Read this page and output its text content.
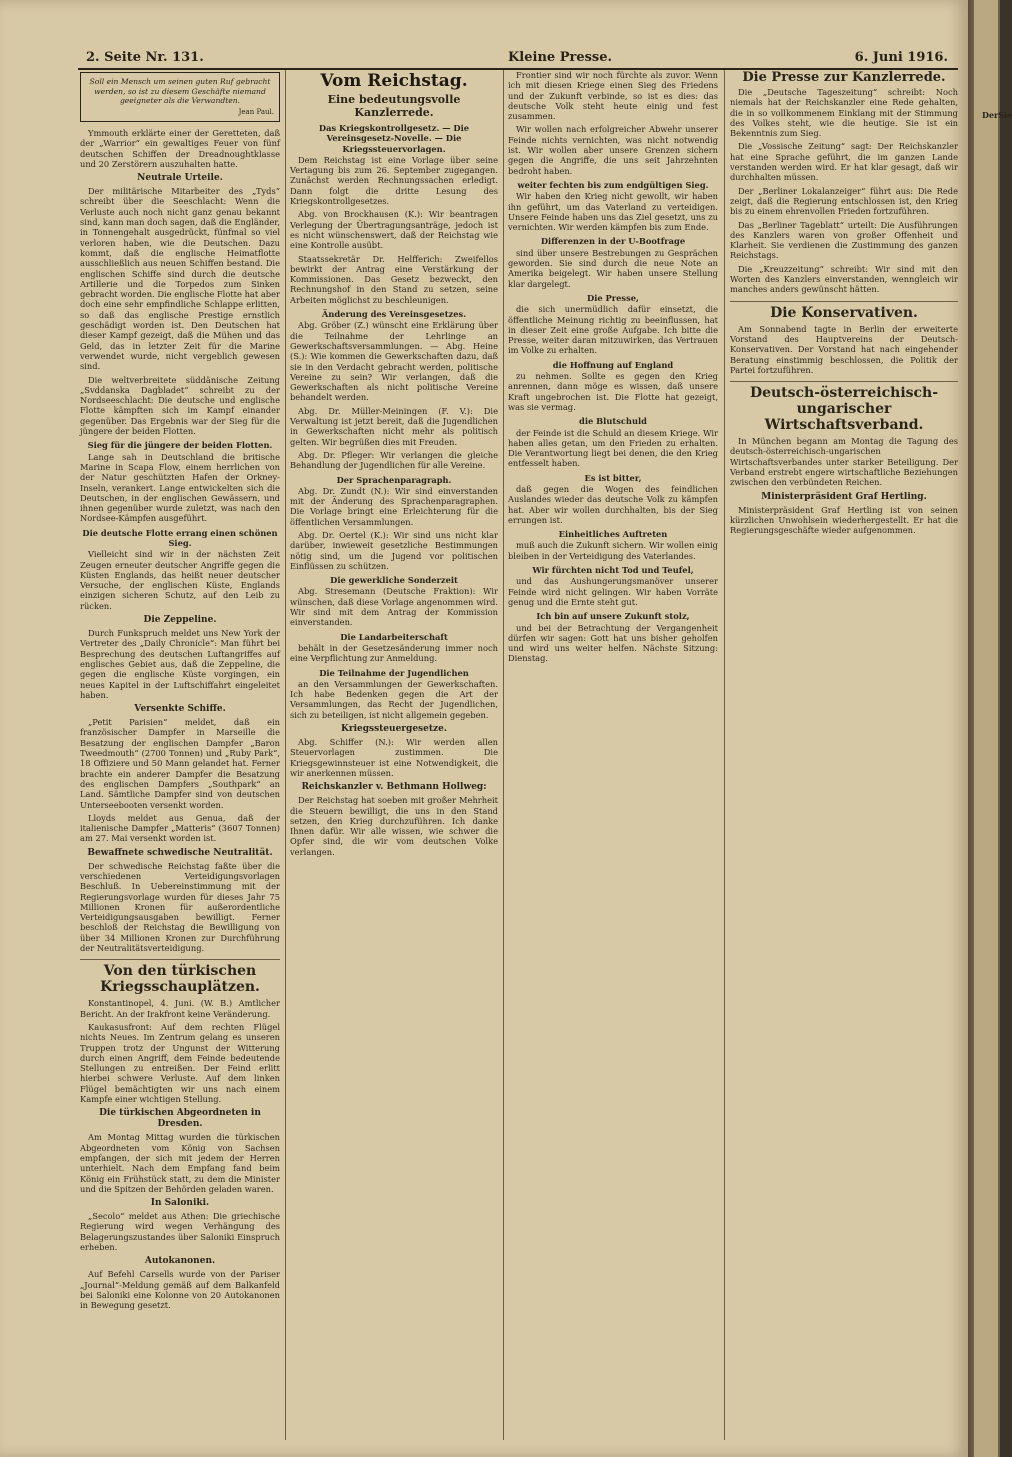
2. Seite Nr. 131.	Kleine Presse.	6. Juni 1916.
Soll ein Mensch um seinen guten Ruf gebracht werden, so ist zu diesem Geschäfte niemand geeigneter als die Verwandten.
Jean Paul.

Ymmouth erklärte einer der Geretteten, daß der „Warrior“ ein gewaltiges Feuer von fünf deutschen Schiffen der Dreadnoughtklasse und 20 Zerstörern auszuhalten hatte.

Neutrale Urteile.

Der militärische Mitarbeiter des „Tyds“ schreibt über die Seeschlacht: Wenn die Verluste auch noch nicht ganz genau bekannt sind, kann man doch sagen, daß die Engländer, in Tonnengehalt ausgedrückt, fünfmal so viel verloren haben, wie die Deutschen. Dazu kommt, daß die englische Heimatflotte ausschließlich aus neuen Schiffen bestand. Die englischen Schiffe sind durch die deutsche Artillerie und die Torpedos zum Sinken gebracht worden. Die englische Flotte hat aber doch eine sehr empfindliche Schlappe erlitten, so daß das englische Prestige ernstlich geschädigt worden ist. Den Deutschen hat dieser Kampf gezeigt, daß die Mühen und das Geld, das in letzter Zeit für die Marine verwendet wurde, nicht vergeblich gewesen sind.

Die weltverbreitete süddänische Zeitung „Svddanska Dagbladet“ schreibt zu der Nordseeschlacht: Die deutsche und englische Flotte kämpften sich im Kampf einander gegenüber. Das Ergebnis war der Sieg für die jüngere der beiden Flotten.

Sieg für die jüngere der beiden Flotten.

Lange sah in Deutschland die britische Marine in Scapa Flow, einem herrlichen von der Natur geschützten Hafen der Orkney-Inseln, verankert. Lange entwickelten sich die Deutschen, in der englischen Gewässern, und ihnen gegenüber wurde zuletzt, was nach den Nordsee-Kämpfen ausgeführt.

Die deutsche Flotte errang einen schönen Sieg.

Vielleicht sind wir in der nächsten Zeit Zeugen erneuter deutscher Angriffe gegen die Küsten Englands, das heißt neuer deutscher Versuche, der englischen Küste, Englands einzigen sicheren Schutz, auf den Leib zu rücken.

Die Zeppeline.

Durch Funkspruch meldet uns New York der Vertreter des „Daily Chronicle“: Man führt bei Besprechung des deutschen Luftangriffes auf englisches Gebiet aus, daß die Zeppeline, die gegen die englische Küste vorgingen, ein neues Kapitel in der Luftschiffahrt eingeleitet haben.

Versenkte Schiffe.

„Petit Parisien“ meldet, daß ein französischer Dampfer in Marseille die Besatzung der englischen Dampfer „Baron Tweedmouth“ (2700 Tonnen) und „Ruby Park“, 18 Offiziere und 50 Mann gelandet hat. Ferner brachte ein anderer Dampfer die Besatzung des englischen Dampfers „Southpark“ an Land. Sämtliche Dampfer sind von deutschen Unterseebooten versenkt worden.

Lloyds meldet aus Genua, daß der italienische Dampfer „Matteris“ (3607 Tonnen) am 27. Mai versenkt worden ist.

Bewaffnete schwedische Neutralität.

Der schwedische Reichstag faßte über die verschiedenen Verteidigungsvorlagen Beschluß. In Uebereinstimmung mit der Regierungsvorlage wurden für dieses Jahr 75 Millionen Kronen für außerordentliche Verteidigungsausgaben bewilligt. Ferner beschloß der Reichstag die Bewilligung von über 34 Millionen Kronen zur Durchführung der Neutralitätsverteidigung.

Von den türkischen Kriegsschauplätzen.

Konstantinopel, 4. Juni. (W. B.) Amtlicher Bericht. An der Irakfront keine Veränderung.

Kaukasusfront: Auf dem rechten Flügel nichts Neues. Im Zentrum gelang es unseren Truppen trotz der Ungunst der Witterung durch einen Angriff, dem Feinde bedeutende Stellungen zu entreißen. Der Feind erlitt hierbei schwere Verluste. Auf dem linken Flügel bemächtigten wir uns nach einem Kampfe einer wichtigen Stellung.

Die türkischen Abgeordneten in Dresden.

Am Montag Mittag wurden die türkischen Abgeordneten vom König von Sachsen empfangen, der sich mit jedem der Herren unterhielt. Nach dem Empfang fand beim König ein Frühstück statt, zu dem die Minister und die Spitzen der Behörden geladen waren.

In Saloniki.

„Secolo“ meldet aus Athen: Die griechische Regierung wird wegen Verhängung des Belagerungszustandes über Saloniki Einspruch erheben.

Autokanonen.

Auf Befehl Carsells wurde von der Pariser „Journal“-Meldung gemäß auf dem Balkanfeld bei Saloniki eine Kolonne von 20 Autokanonen in Bewegung gesetzt.

Vom Reichstag.
Eine bedeutungsvolle Kanzlerrede.
Das Kriegskontrollgesetz. — Die Vereinsgesetz-Novelle. — Die Kriegssteuervorlagen.

Dem Reichstag ist eine Vorlage über seine Vertagung bis zum 26. September zugegangen. Zunächst werden Rechnungssachen erledigt. Dann folgt die dritte Lesung des Kriegskontrollgesetzes.

Abg. von Brockhausen (K.): Wir beantragen Verlegung der Übertragungsanträge, jedoch ist es nicht wünschenswert, daß der Reichstag wie eine Kontrolle ausübt.

Staatssekretär Dr. Helfferich: Zweifellos bewirkt der Antrag eine Verstärkung der Kommissionen. Das Gesetz bezweckt, den Rechnungshof in den Stand zu setzen, seine Arbeiten möglichst zu beschleunigen.

Änderung des Vereinsgesetzes.

Abg. Gröber (Z.) wünscht eine Erklärung über die Teilnahme der Lehrlinge an Gewerkschaftsversammlungen. — Abg. Heine (S.): Wie kommen die Gewerkschaften dazu, daß sie in den Verdacht gebracht werden, politische Vereine zu sein? Wir verlangen, daß die Gewerkschaften als nicht politische Vereine behandelt werden.

Abg. Dr. Müller-Meiningen (F. V.): Die Verwaltung ist jetzt bereit, daß die Jugendlichen in Gewerkschaften nicht mehr als politisch gelten. Wir begrüßen dies mit Freuden.

Abg. Dr. Pfleger: Wir verlangen die gleiche Behandlung der Jugendlichen für alle Vereine.

Der Sprachenparagraph.

Abg. Dr. Zundt (N.): Wir sind einverstanden mit der Änderung des Sprachenparagraphen. Die Vorlage bringt eine Erleichterung für die öffentlichen Versammlungen.

Abg. Dr. Oertel (K.): Wir sind uns nicht klar darüber, inwieweit gesetzliche Bestimmungen nötig sind, um die Jugend vor politischen Einflüssen zu schützen.

Die gewerkliche Sonderzeit

Abg. Stresemann (Deutsche Fraktion): Wir wünschen, daß diese Vorlage angenommen wird. Wir sind mit dem Antrag der Kommission einverstanden.

Die Landarbeiterschaft

behält in der Gesetzesänderung immer noch eine Verpflichtung zur Anmeldung.

Die Teilnahme der Jugendlichen

an den Versammlungen der Gewerkschaften. Ich habe Bedenken gegen die Art der Versammlungen, das Recht der Jugendlichen, sich zu beteiligen, ist nicht allgemein gegeben.

Kriegssteuergesetze.

Abg. Schiffer (N.): Wir werden allen Steuervorlagen zustimmen. Die Kriegsgewinnsteuer ist eine Notwendigkeit, die wir anerkennen müssen.

Reichskanzler v. Bethmann Hollweg:

Der Reichstag hat soeben mit großer Mehrheit die Steuern bewilligt, die uns in den Stand setzen, den Krieg durchzuführen. Ich danke Ihnen dafür. Wir alle wissen, wie schwer die Opfer sind, die wir vom deutschen Volke verlangen.

Frontier sind wir noch fürchte als zuvor. Wenn ich mit diesen Kriege einen Sieg des Friedens und der Zukunft verbinde, so ist es dies: das deutsche Volk steht heute einig und fest zusammen.

Wir wollen nach erfolgreicher Abwehr unserer Feinde nichts vernichten, was nicht notwendig ist. Wir wollen aber unsere Grenzen sichern gegen die Angriffe, die uns seit Jahrzehnten bedroht haben.

weiter fechten bis zum endgültigen Sieg.

Wir haben den Krieg nicht gewollt, wir haben ihn geführt, um das Vaterland zu verteidigen. Unsere Feinde haben uns das Ziel gesetzt, uns zu vernichten. Wir werden kämpfen bis zum Ende.

Differenzen in der U-Bootfrage

sind über unsere Bestrebungen zu Gesprächen geworden. Sie sind durch die neue Note an Amerika beigelegt. Wir haben unsere Stellung klar dargelegt.

Die Presse,

die sich unermüdlich dafür einsetzt, die öffentliche Meinung richtig zu beeinflussen, hat in dieser Zeit eine große Aufgabe. Ich bitte die Presse, weiter daran mitzuwirken, das Vertrauen im Volke zu erhalten.

die Hoffnung auf England

zu nehmen. Sollte es gegen den Krieg anrennen, dann möge es wissen, daß unsere Kraft ungebrochen ist. Die Flotte hat gezeigt, was sie vermag.

die Blutschuld

der Feinde ist die Schuld an diesem Kriege. Wir haben alles getan, um den Frieden zu erhalten. Die Verantwortung liegt bei denen, die den Krieg entfesselt haben.

Es ist bitter,

daß gegen die Wogen des feindlichen Auslandes wieder das deutsche Volk zu kämpfen hat. Aber wir wollen durchhalten, bis der Sieg errungen ist.

Einheitliches Auftreten

muß auch die Zukunft sichern. Wir wollen einig bleiben in der Verteidigung des Vaterlandes.

Wir fürchten nicht Tod und Teufel,

und das Aushungerungsmanöver unserer Feinde wird nicht gelingen. Wir haben Vorräte genug und die Ernte steht gut.

Ich bin auf unsere Zukunft stolz,

und bei der Betrachtung der Vergangenheit dürfen wir sagen: Gott hat uns bisher geholfen und wird uns weiter helfen. Nächste Sitzung: Dienstag.

Die Presse zur Kanzlerrede.

Die „Deutsche Tageszeitung“ schreibt: Noch niemals hat der Reichskanzler eine Rede gehalten, die in so vollkommenem Einklang mit der Stimmung des Volkes steht, wie die heutige. Sie ist ein Bekenntnis zum Sieg.

Die „Vossische Zeitung“ sagt: Der Reichskanzler hat eine Sprache geführt, die im ganzen Lande verstanden werden wird. Er hat klar gesagt, daß wir durchhalten müssen.

Der „Berliner Lokalanzeiger“ führt aus: Die Rede zeigt, daß die Regierung entschlossen ist, den Krieg bis zu einem ehrenvollen Frieden fortzuführen.

Das „Berliner Tageblatt“ urteilt: Die Ausführungen des Kanzlers waren von großer Offenheit und Klarheit. Sie verdienen die Zustimmung des ganzen Reichstags.

Die „Kreuzzeitung“ schreibt: Wir sind mit den Worten des Kanzlers einverstanden, wenngleich wir manches anders gewünscht hätten.

Die Konservativen.

Am Sonnabend tagte in Berlin der erweiterte Vorstand des Hauptvereins der Deutsch-Konservativen. Der Vorstand hat nach eingehender Beratung einstimmig beschlossen, die Politik der Partei fortzuführen.

Deutsch-österreichisch-ungarischer Wirtschaftsverband.

In München begann am Montag die Tagung des deutsch-österreichisch-ungarischen Wirtschaftsverbandes unter starker Beteiligung. Der Verband erstrebt engere wirtschaftliche Beziehungen zwischen den verbündeten Reichen.

Ministerpräsident Graf Hertling.

Ministerpräsident Graf Hertling ist von seinen kürzlichen Unwohlsein wiederhergestellt. Er hat die Regierungsgeschäfte wieder aufgenommen.

DerSie
